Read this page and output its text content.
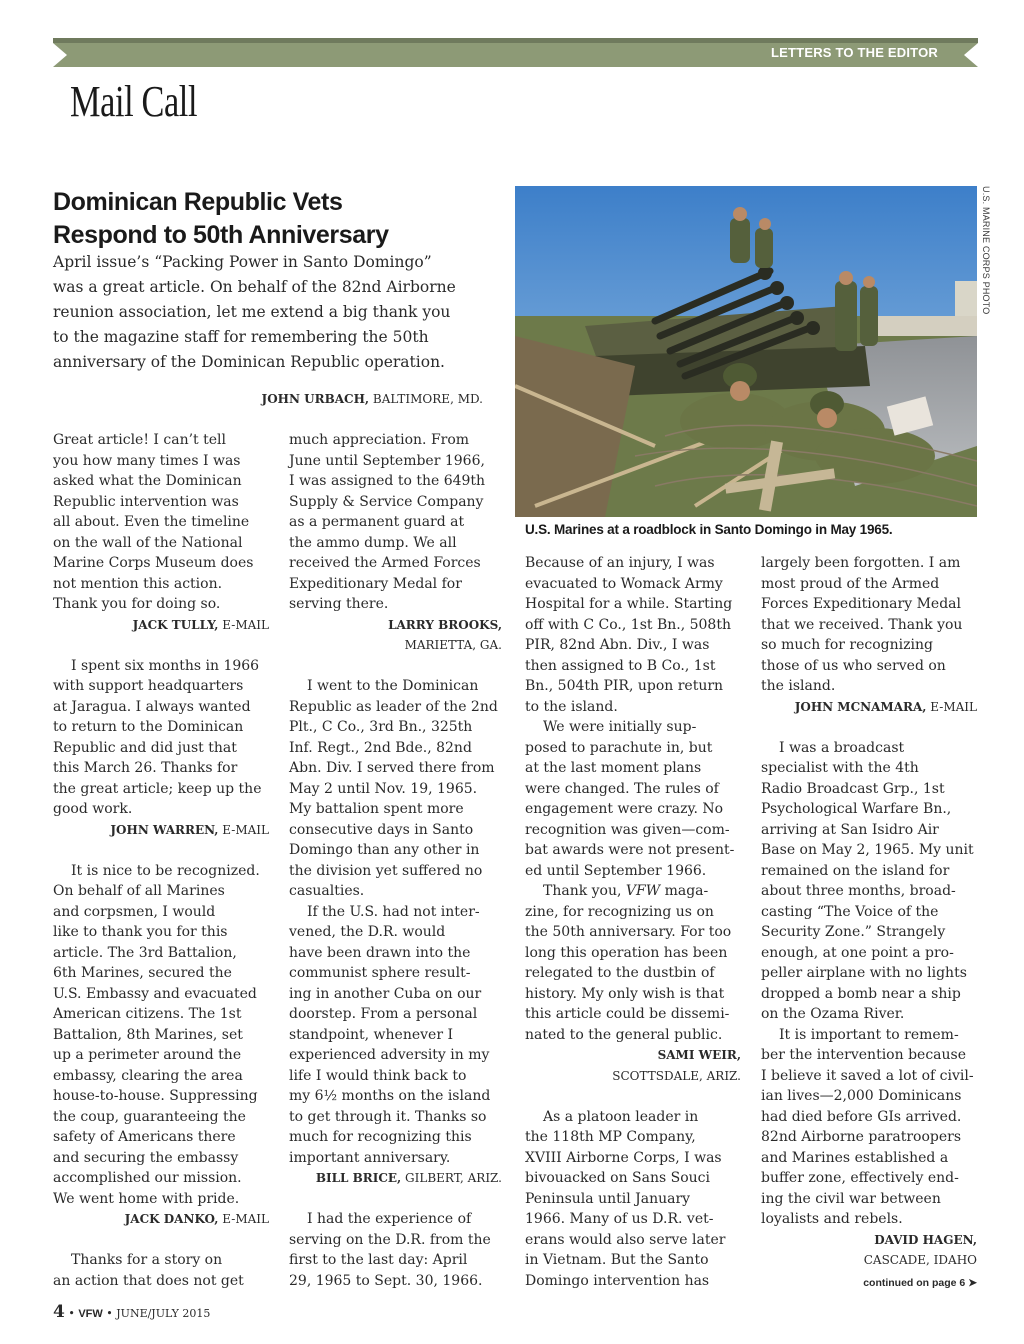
LETTERS TO THE EDITOR
Mail Call
Dominican Republic Vets
Respond to 50th Anniversary
April issue’s “Packing Power in Santo Domingo”
was a great article. On behalf of the 82nd Airborne
reunion association, let me extend a big thank you
to the magazine staff for remembering the 50th
anniversary of the Dominican Republic operation.
JOHN URBACH, BALTIMORE, MD.
U.S. MARINE CORPS PHOTO
U.S. Marines at a roadblock in Santo Domingo in May 1965.

Great article! I can’t tell

you how many times I was

asked what the Dominican

Republic intervention was

all about. Even the timeline

on the wall of the National

Marine Corps Museum does

not mention this action.

Thank you for doing so.

JACK TULLY, E-MAIL

I spent six months in 1966

with support headquarters

at Jaragua. I always wanted

to return to the Dominican

Republic and did just that

this March 26. Thanks for

the great article; keep up the

good work.

JOHN WARREN, E-MAIL

It is nice to be recognized.

On behalf of all Marines

and corpsmen, I would

like to thank you for this

article. The 3rd Battalion,

6th Marines, secured the

U.S. Embassy and evacuated

American citizens. The 1st

Battalion, 8th Marines, set

up a perimeter around the

embassy, clearing the area

house-to-house. Suppressing

the coup, guaranteeing the

safety of Americans there

and securing the embassy

accomplished our mission.

We went home with pride.

JACK DANKO, E-MAIL

Thanks for a story on

an action that does not get

much appreciation. From

June until September 1966,

I was assigned to the 649th

Supply & Service Company

as a permanent guard at

the ammo dump. We all

received the Armed Forces

Expeditionary Medal for

serving there.

LARRY BROOKS,

MARIETTA, GA.

I went to the Dominican

Republic as leader of the 2nd

Plt., C Co., 3rd Bn., 325th

Inf. Regt., 2nd Bde., 82nd

Abn. Div. I served there from

May 2 until Nov. 19, 1965.

My battalion spent more

consecutive days in Santo

Domingo than any other in

the division yet suffered no

casualties.

If the U.S. had not inter-

vened, the D.R. would

have been drawn into the

communist sphere result-

ing in another Cuba on our

doorstep. From a personal

standpoint, whenever I

experienced adversity in my

life I would think back to

my 6½ months on the island

to get through it. Thanks so

much for recognizing this

important anniversary.

BILL BRICE, GILBERT, ARIZ.

I had the experience of

serving on the D.R. from the

first to the last day: April

29, 1965 to Sept. 30, 1966.

Because of an injury, I was

evacuated to Womack Army

Hospital for a while. Starting

off with C Co., 1st Bn., 508th

PIR, 82nd Abn. Div., I was

then assigned to B Co., 1st

Bn., 504th PIR, upon return

to the island.

We were initially sup-

posed to parachute in, but

at the last moment plans

were changed. The rules of

engagement were crazy. No

recognition was given—com-

bat awards were not present-

ed until September 1966.

Thank you, VFW maga-

zine, for recognizing us on

the 50th anniversary. For too

long this operation has been

relegated to the dustbin of

history. My only wish is that

this article could be dissemi-

nated to the general public.

SAMI WEIR,

SCOTTSDALE, ARIZ.

As a platoon leader in

the 118th MP Company,

XVIII Airborne Corps, I was

bivouacked on Sans Souci

Peninsula until January

1966. Many of us D.R. vet-

erans would also serve later

in Vietnam. But the Santo

Domingo intervention has

largely been forgotten. I am

most proud of the Armed

Forces Expeditionary Medal

that we received. Thank you

so much for recognizing

those of us who served on

the island.

JOHN MCNAMARA, E-MAIL

I was a broadcast

specialist with the 4th

Radio Broadcast Grp., 1st

Psychological Warfare Bn.,

arriving at San Isidro Air

Base on May 2, 1965. My unit

remained on the island for

about three months, broad-

casting “The Voice of the

Security Zone.” Strangely

enough, at one point a pro-

peller airplane with no lights

dropped a bomb near a ship

on the Ozama River.

It is important to remem-

ber the intervention because

I believe it saved a lot of civil-

ian lives—2,000 Dominicans

had died before GIs arrived.

82nd Airborne paratroopers

and Marines established a

buffer zone, effectively end-

ing the civil war between

loyalists and rebels.

DAVID HAGEN,

CASCADE, IDAHO

continued on page 6 ➤

4 • VFW • JUNE/JULY 2015
